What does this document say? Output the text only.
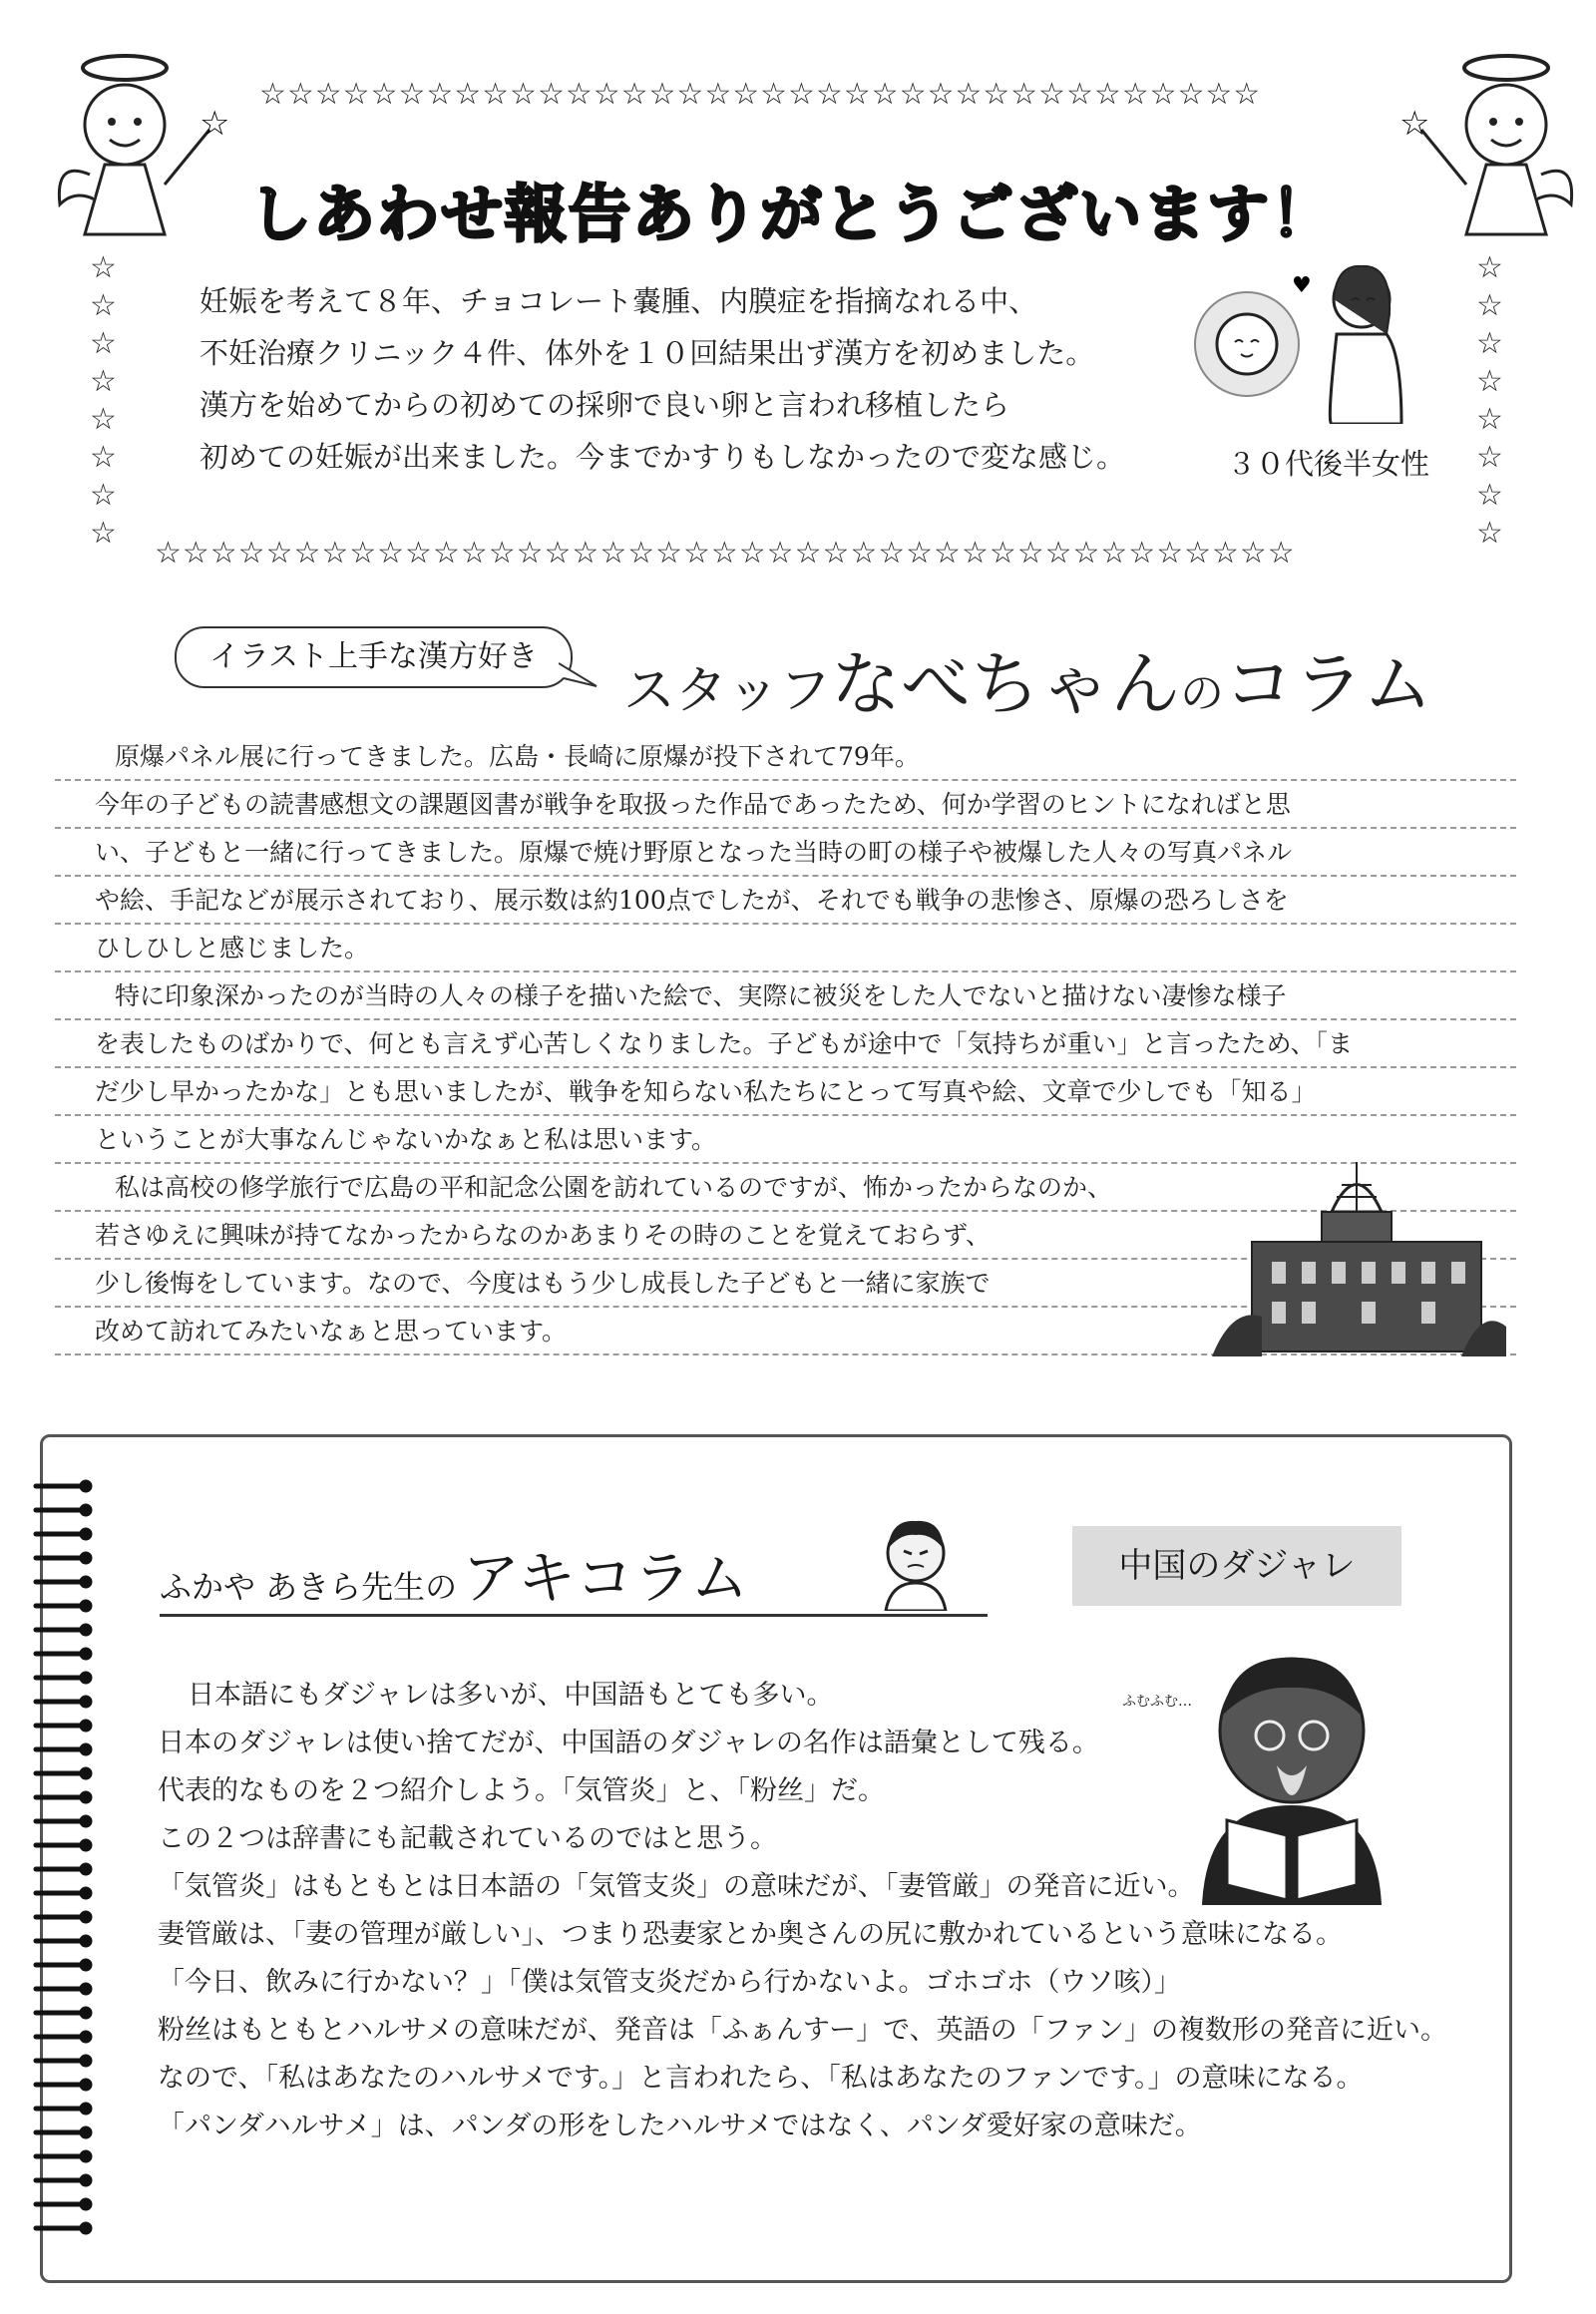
☆	☆
☆☆☆☆☆☆☆☆☆☆☆☆☆☆☆☆☆☆☆☆☆☆☆☆☆☆☆☆☆☆☆☆☆☆☆☆
☆☆☆☆☆☆☆☆☆☆☆☆☆☆☆☆☆☆☆☆☆☆☆☆☆☆☆☆☆☆☆☆☆☆☆☆☆☆☆☆☆
☆
☆
☆
☆
☆
☆
☆
☆
☆
☆
☆
☆
☆
☆
☆
☆
しあわせ報告ありがとうございます！
妊娠を考えて８年、チョコレート嚢腫、内膜症を指摘なれる中、
不妊治療クリニック４件、体外を１０回結果出ず漢方を初めました。
漢方を始めてからの初めての採卵で良い卵と言われ移植したら
初めての妊娠が出来ました。今までかすりもしなかったので変な感じ。	３０代後半女性
♥
イラスト上手な漢方好き
スタッフなべちゃんのコラム
原爆パネル展に行ってきました。広島・長崎に原爆が投下されて79年。
今年の子どもの読書感想文の課題図書が戦争を取扱った作品であったため、何か学習のヒントになればと思
い、子どもと一緒に行ってきました。原爆で焼け野原となった当時の町の様子や被爆した人々の写真パネル
や絵、手記などが展示されており、展示数は約100点でしたが、それでも戦争の悲惨さ、原爆の恐ろしさを
ひしひしと感じました。
特に印象深かったのが当時の人々の様子を描いた絵で、実際に被災をした人でないと描けない凄惨な様子
を表したものばかりで、何とも言えず心苦しくなりました。子どもが途中で「気持ちが重い」と言ったため、「ま
だ少し早かったかな」とも思いましたが、戦争を知らない私たちにとって写真や絵、文章で少しでも「知る」
ということが大事なんじゃないかなぁと私は思います。
私は高校の修学旅行で広島の平和記念公園を訪れているのですが、怖かったからなのか、
若さゆえに興味が持てなかったからなのかあまりその時のことを覚えておらず、
少し後悔をしています。なので、今度はもう少し成長した子どもと一緒に家族で
改めて訪れてみたいなぁと思っています。
ふかや あきら先生の アキコラム	中国のダジャレ
ふむふむ…
日本語にもダジャレは多いが、中国語もとても多い。
日本のダジャレは使い捨てだが、中国語のダジャレの名作は語彙として残る。
代表的なものを２つ紹介しよう。「気管炎」と、「粉丝」だ。
この２つは辞書にも記載されているのではと思う。
「気管炎」はもともとは日本語の「気管支炎」の意味だが、「妻管厳」の発音に近い。
妻管厳は、「妻の管理が厳しい」、つまり恐妻家とか奥さんの尻に敷かれているという意味になる。
「今日、飲みに行かない？」「僕は気管支炎だから行かないよ。ゴホゴホ（ウソ咳）」
粉丝はもともとハルサメの意味だが、発音は「ふぁんすー」で、英語の「ファン」の複数形の発音に近い。
なので、「私はあなたのハルサメです。」と言われたら、「私はあなたのファンです。」の意味になる。
「パンダハルサメ」は、パンダの形をしたハルサメではなく、パンダ愛好家の意味だ。
